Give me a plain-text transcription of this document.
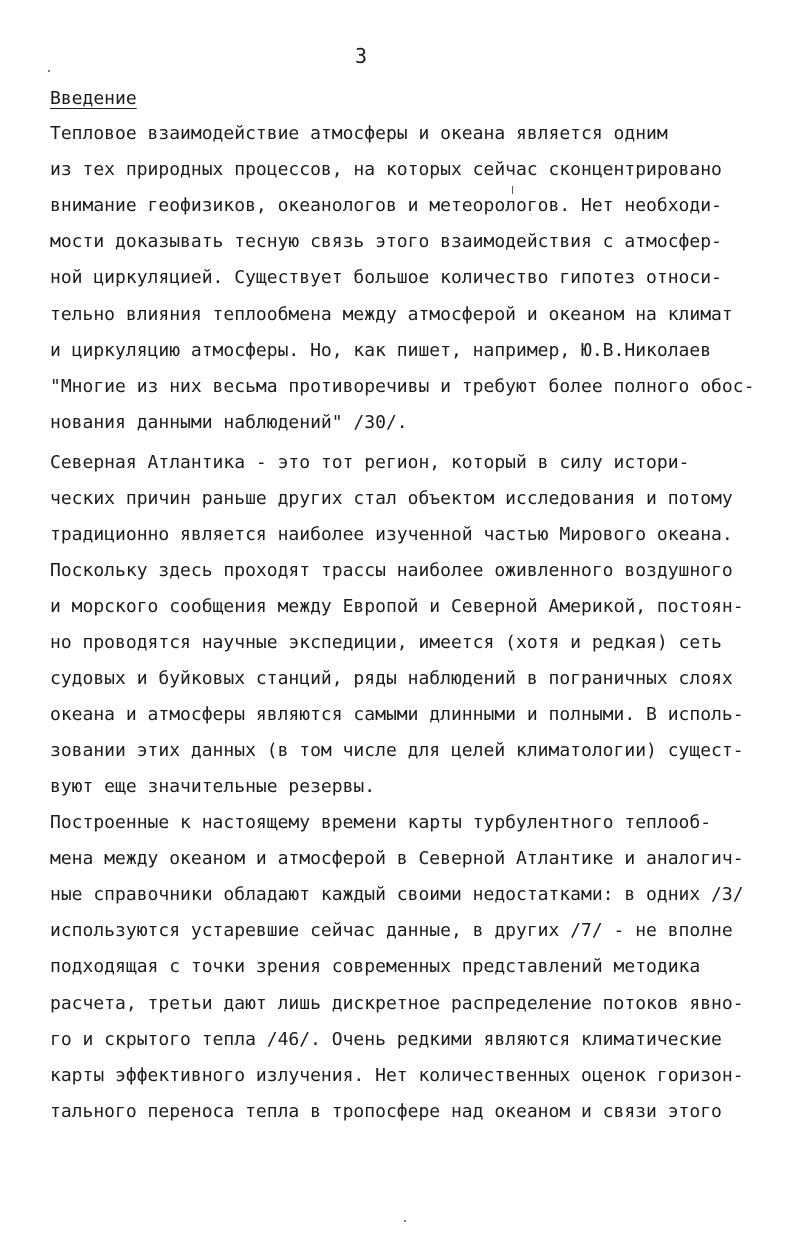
3
Введение
Тепловое взаимодействие атмосферы и океана является одним
из тех природных процессов, на которых сейчас сконцентрировано
внимание геофизиков, океанологов и метеорологов. Нет необходи-
мости доказывать тесную связь этого взаимодействия с атмосфер-
ной циркуляцией. Существует большое количество гипотез относи-
тельно влияния теплообмена между атмосферой и океаном на климат
и циркуляцию атмосферы. Но, как пишет, например, Ю.В.Николаев
"Многие из них весьма противоречивы и требуют более полного обос-
нования данными наблюдений" /30/.
Северная Атлантика - это тот регион, который в силу истори-
ческих причин раньше других стал объектом исследования и потому
традиционно является наиболее изученной частью Мирового океана.
Поскольку здесь проходят трассы наиболее оживленного воздушного
и морского сообщения между Европой и Северной Америкой, постоян-
но проводятся научные экспедиции, имеется (хотя и редкая) сеть
судовых и буйковых станций, ряды наблюдений в пограничных слоях
океана и атмосферы являются самыми длинными и полными. В исполь-
зовании этих данных (в том числе для целей климатологии) сущест-
вуют еще значительные резервы.
Построенные к настоящему времени карты турбулентного теплооб-
мена между океаном и атмосферой в Северной Атлантике и аналогич-
ные справочники обладают каждый своими недостатками: в одних /3/
используются устаревшие сейчас данные, в других /7/ - не вполне
подходящая с точки зрения современных представлений методика
расчета, третьи дают лишь дискретное распределение потоков явно-
го и скрытого тепла /46/. Очень редкими являются климатические
карты эффективного излучения. Нет количественных оценок горизон-
тального переноса тепла в тропосфере над океаном и связи этого
